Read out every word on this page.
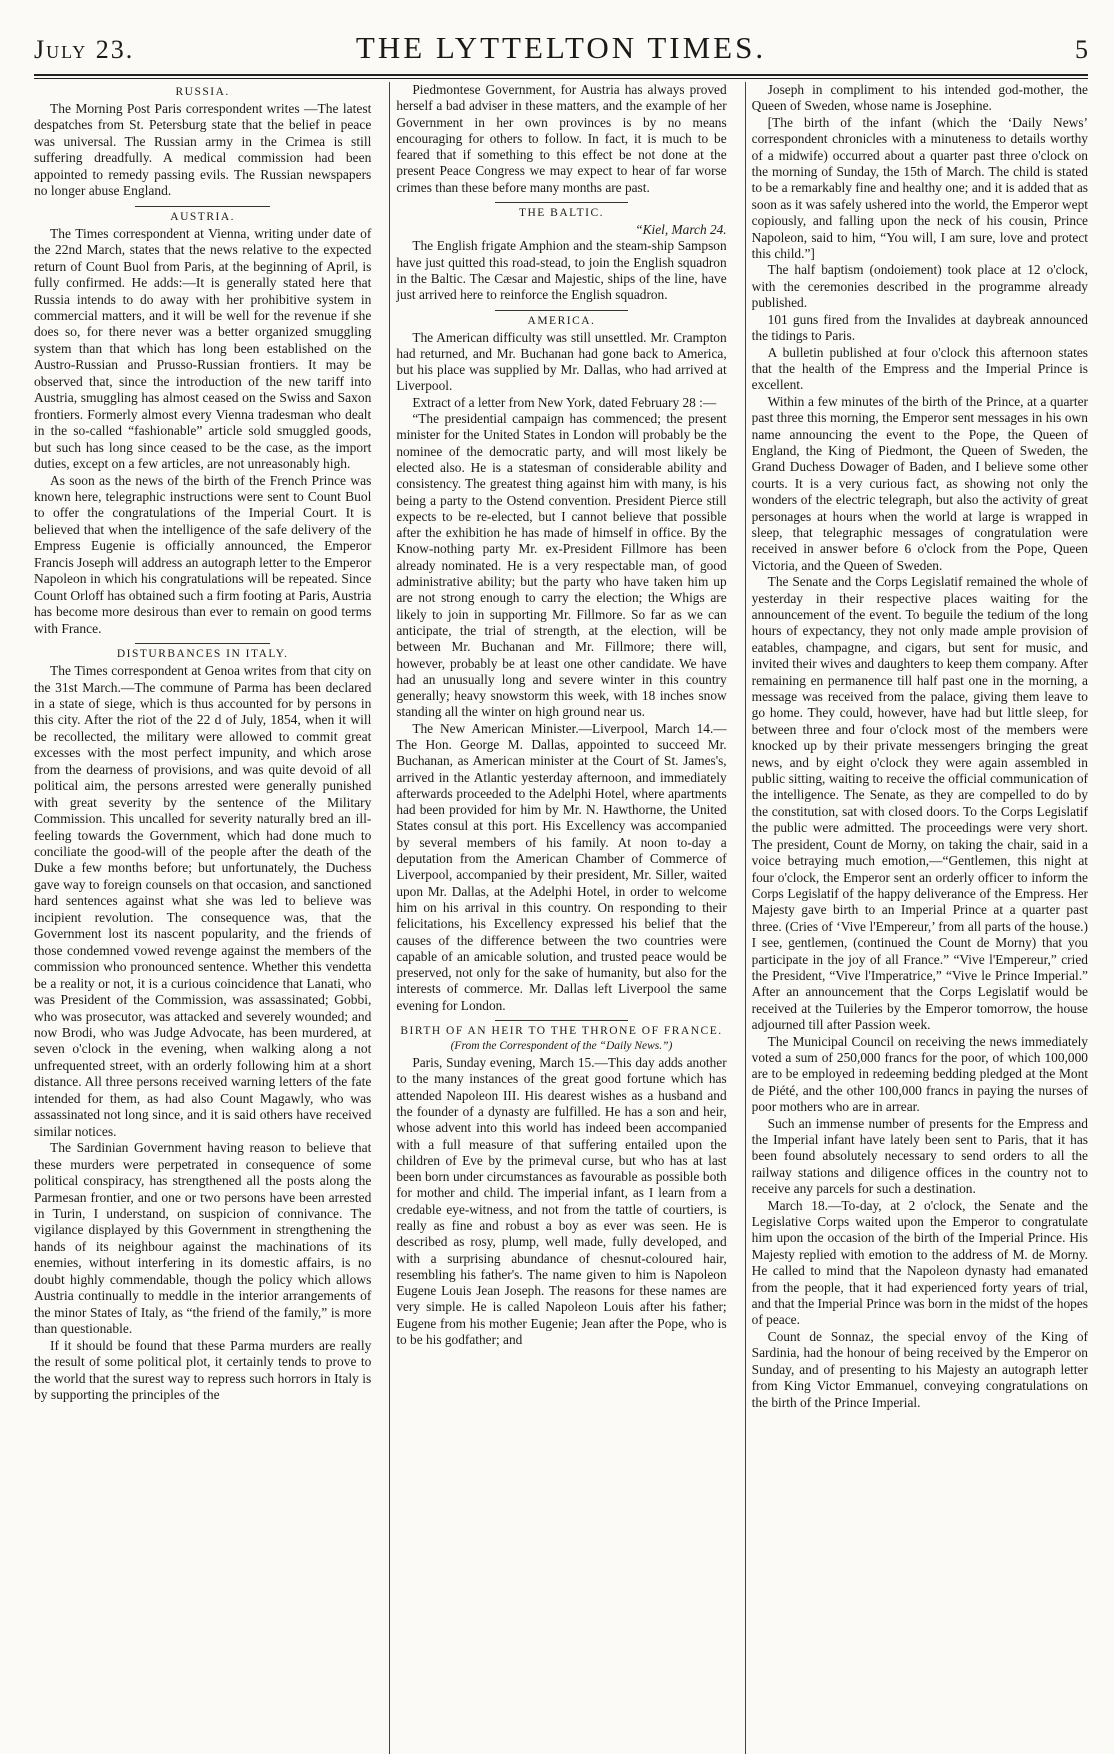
July 23.	THE LYTTELTON TIMES.	5
RUSSIA.

The Morning Post Paris correspondent writes —The latest despatches from St. Petersburg state that the belief in peace was universal. The Russian army in the Crimea is still suffering dreadfully. A medical commission had been appointed to remedy passing evils. The Russian newspapers no longer abuse England.

AUSTRIA.

The Times correspondent at Vienna, writing under date of the 22nd March, states that the news relative to the expected return of Count Buol from Paris, at the beginning of April, is fully confirmed. He adds:—It is generally stated here that Russia intends to do away with her prohibitive system in commercial matters, and it will be well for the revenue if she does so, for there never was a better organized smuggling system than that which has long been established on the Austro-Russian and Prusso-Russian frontiers. It may be observed that, since the introduction of the new tariff into Austria, smuggling has almost ceased on the Swiss and Saxon frontiers. Formerly almost every Vienna tradesman who dealt in the so-called “fashionable” article sold smuggled goods, but such has long since ceased to be the case, as the import duties, except on a few articles, are not unreasonably high.

As soon as the news of the birth of the French Prince was known here, telegraphic instructions were sent to Count Buol to offer the congratulations of the Imperial Court. It is believed that when the intelligence of the safe delivery of the Empress Eugenie is officially announced, the Emperor Francis Joseph will address an autograph letter to the Emperor Napoleon in which his congratulations will be repeated. Since Count Orloff has obtained such a firm footing at Paris, Austria has become more desirous than ever to remain on good terms with France.

DISTURBANCES IN ITALY.

The Times correspondent at Genoa writes from that city on the 31st March.—The commune of Parma has been declared in a state of siege, which is thus accounted for by persons in this city. After the riot of the 22 d of July, 1854, when it will be recollected, the military were allowed to commit great excesses with the most perfect impunity, and which arose from the dearness of provisions, and was quite devoid of all political aim, the persons arrested were generally punished with great severity by the sentence of the Military Commission. This uncalled for severity naturally bred an ill-feeling towards the Government, which had done much to conciliate the good-will of the people after the death of the Duke a few months before; but unfortunately, the Duchess gave way to foreign counsels on that occasion, and sanctioned hard sentences against what she was led to believe was incipient revolution. The consequence was, that the Government lost its nascent popularity, and the friends of those condemned vowed revenge against the members of the commission who pronounced sentence. Whether this vendetta be a reality or not, it is a curious coincidence that Lanati, who was President of the Commission, was assassinated; Gobbi, who was prosecutor, was attacked and severely wounded; and now Brodi, who was Judge Advocate, has been murdered, at seven o'clock in the evening, when walking along a not unfrequented street, with an orderly following him at a short distance. All three persons received warning letters of the fate intended for them, as had also Count Magawly, who was assassinated not long since, and it is said others have received similar notices.

The Sardinian Government having reason to believe that these murders were perpetrated in consequence of some political conspiracy, has strengthened all the posts along the Parmesan frontier, and one or two persons have been arrested in Turin, I understand, on suspicion of connivance. The vigilance displayed by this Government in strengthening the hands of its neighbour against the machinations of its enemies, without interfering in its domestic affairs, is no doubt highly commendable, though the policy which allows Austria continually to meddle in the interior arrangements of the minor States of Italy, as “the friend of the family,” is more than questionable.

If it should be found that these Parma murders are really the result of some political plot, it certainly tends to prove to the world that the surest way to repress such horrors in Italy is by supporting the principles of the

Piedmontese Government, for Austria has always proved herself a bad adviser in these matters, and the example of her Government in her own provinces is by no means encouraging for others to follow. In fact, it is much to be feared that if something to this effect be not done at the present Peace Congress we may expect to hear of far worse crimes than these before many months are past.

THE BALTIC.

“Kiel, March 24.

The English frigate Amphion and the steam-ship Sampson have just quitted this road-stead, to join the English squadron in the Baltic. The Cæsar and Majestic, ships of the line, have just arrived here to reinforce the English squadron.

AMERICA.

The American difficulty was still unsettled. Mr. Crampton had returned, and Mr. Buchanan had gone back to America, but his place was supplied by Mr. Dallas, who had arrived at Liverpool.

Extract of a letter from New York, dated February 28 :—

“The presidential campaign has commenced; the present minister for the United States in London will probably be the nominee of the democratic party, and will most likely be elected also. He is a statesman of considerable ability and consistency. The greatest thing against him with many, is his being a party to the Ostend convention. President Pierce still expects to be re-elected, but I cannot believe that possible after the exhibition he has made of himself in office. By the Know-nothing party Mr. ex-President Fillmore has been already nominated. He is a very respectable man, of good administrative ability; but the party who have taken him up are not strong enough to carry the election; the Whigs are likely to join in supporting Mr. Fillmore. So far as we can anticipate, the trial of strength, at the election, will be between Mr. Buchanan and Mr. Fillmore; there will, however, probably be at least one other candidate. We have had an unusually long and severe winter in this country generally; heavy snowstorm this week, with 18 inches snow standing all the winter on high ground near us.

The New American Minister.—Liverpool, March 14.—The Hon. George M. Dallas, appointed to succeed Mr. Buchanan, as American minister at the Court of St. James's, arrived in the Atlantic yesterday afternoon, and immediately afterwards proceeded to the Adelphi Hotel, where apartments had been provided for him by Mr. N. Hawthorne, the United States consul at this port. His Excellency was accompanied by several members of his family. At noon to-day a deputation from the American Chamber of Commerce of Liverpool, accompanied by their president, Mr. Siller, waited upon Mr. Dallas, at the Adelphi Hotel, in order to welcome him on his arrival in this country. On responding to their felicitations, his Excellency expressed his belief that the causes of the difference between the two countries were capable of an amicable solution, and trusted peace would be preserved, not only for the sake of humanity, but also for the interests of commerce. Mr. Dallas left Liverpool the same evening for London.

BIRTH OF AN HEIR TO THE THRONE OF FRANCE.
(From the Correspondent of the “Daily News.”)

Paris, Sunday evening, March 15.—This day adds another to the many instances of the great good fortune which has attended Napoleon III. His dearest wishes as a husband and the founder of a dynasty are fulfilled. He has a son and heir, whose advent into this world has indeed been accompanied with a full measure of that suffering entailed upon the children of Eve by the primeval curse, but who has at last been born under circumstances as favourable as possible both for mother and child. The imperial infant, as I learn from a credable eye-witness, and not from the tattle of courtiers, is really as fine and robust a boy as ever was seen. He is described as rosy, plump, well made, fully developed, and with a surprising abundance of chesnut-coloured hair, resembling his father's. The name given to him is Napoleon Eugene Louis Jean Joseph. The reasons for these names are very simple. He is called Napoleon Louis after his father; Eugene from his mother Eugenie; Jean after the Pope, who is to be his godfather; and

Joseph in compliment to his intended god-mother, the Queen of Sweden, whose name is Josephine.

[The birth of the infant (which the ‘Daily News’ correspondent chronicles with a minuteness to details worthy of a midwife) occurred about a quarter past three o'clock on the morning of Sunday, the 15th of March. The child is stated to be a remarkably fine and healthy one; and it is added that as soon as it was safely ushered into the world, the Emperor wept copiously, and falling upon the neck of his cousin, Prince Napoleon, said to him, “You will, I am sure, love and protect this child.”]

The half baptism (ondoiement) took place at 12 o'clock, with the ceremonies described in the programme already published.

101 guns fired from the Invalides at daybreak announced the tidings to Paris.

A bulletin published at four o'clock this afternoon states that the health of the Empress and the Imperial Prince is excellent.

Within a few minutes of the birth of the Prince, at a quarter past three this morning, the Emperor sent messages in his own name announcing the event to the Pope, the Queen of England, the King of Piedmont, the Queen of Sweden, the Grand Duchess Dowager of Baden, and I believe some other courts. It is a very curious fact, as showing not only the wonders of the electric telegraph, but also the activity of great personages at hours when the world at large is wrapped in sleep, that telegraphic messages of congratulation were received in answer before 6 o'clock from the Pope, Queen Victoria, and the Queen of Sweden.

The Senate and the Corps Legislatif remained the whole of yesterday in their respective places waiting for the announcement of the event. To beguile the tedium of the long hours of expectancy, they not only made ample provision of eatables, champagne, and cigars, but sent for music, and invited their wives and daughters to keep them company. After remaining en permanence till half past one in the morning, a message was received from the palace, giving them leave to go home. They could, however, have had but little sleep, for between three and four o'clock most of the members were knocked up by their private messengers bringing the great news, and by eight o'clock they were again assembled in public sitting, waiting to receive the official communication of the intelligence. The Senate, as they are compelled to do by the constitution, sat with closed doors. To the Corps Legislatif the public were admitted. The proceedings were very short. The president, Count de Morny, on taking the chair, said in a voice betraying much emotion,—“Gentlemen, this night at four o'clock, the Emperor sent an orderly officer to inform the Corps Legislatif of the happy deliverance of the Empress. Her Majesty gave birth to an Imperial Prince at a quarter past three. (Cries of ‘Vive l'Empereur,’ from all parts of the house.) I see, gentlemen, (continued the Count de Morny) that you participate in the joy of all France.” “Vive l'Empereur,” cried the President, “Vive l'Imperatrice,” “Vive le Prince Imperial.” After an announcement that the Corps Legislatif would be received at the Tuileries by the Emperor tomorrow, the house adjourned till after Passion week.

The Municipal Council on receiving the news immediately voted a sum of 250,000 francs for the poor, of which 100,000 are to be employed in redeeming bedding pledged at the Mont de Piété, and the other 100,000 francs in paying the nurses of poor mothers who are in arrear.

Such an immense number of presents for the Empress and the Imperial infant have lately been sent to Paris, that it has been found absolutely necessary to send orders to all the railway stations and diligence offices in the country not to receive any parcels for such a destination.

March 18.—To-day, at 2 o'clock, the Senate and the Legislative Corps waited upon the Emperor to congratulate him upon the occasion of the birth of the Imperial Prince. His Majesty replied with emotion to the address of M. de Morny. He called to mind that the Napoleon dynasty had emanated from the people, that it had experienced forty years of trial, and that the Imperial Prince was born in the midst of the hopes of peace.

Count de Sonnaz, the special envoy of the King of Sardinia, had the honour of being received by the Emperor on Sunday, and of presenting to his Majesty an autograph letter from King Victor Emmanuel, conveying congratulations on the birth of the Prince Imperial.
